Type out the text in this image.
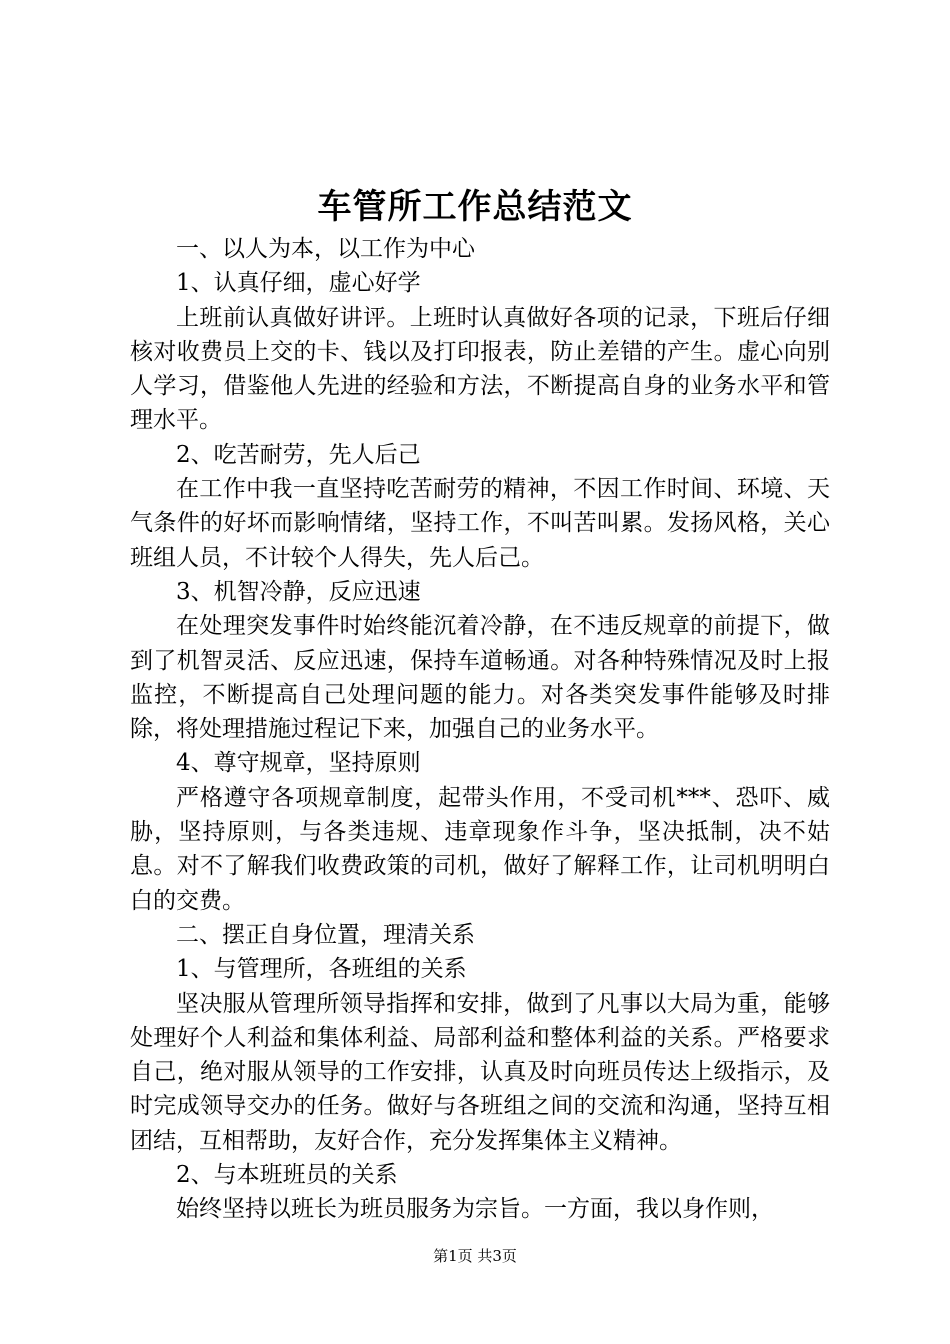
车管所工作总结范文

一、以人为本，以工作为中心

1、认真仔细，虚心好学

上班前认真做好讲评。上班时认真做好各项的记录，下班后仔细核对收费员上交的卡、钱以及打印报表，防止差错的产生。虚心向别人学习，借鉴他人先进的经验和方法，不断提高自身的业务水平和管理水平。

2、吃苦耐劳，先人后己

在工作中我一直坚持吃苦耐劳的精神，不因工作时间、环境、天气条件的好坏而影响情绪，坚持工作，不叫苦叫累。发扬风格，关心班组人员，不计较个人得失，先人后己。

3、机智冷静，反应迅速

在处理突发事件时始终能沉着冷静，在不违反规章的前提下，做到了机智灵活、反应迅速，保持车道畅通。对各种特殊情况及时上报监控，不断提高自己处理问题的能力。对各类突发事件能够及时排除，将处理措施过程记下来，加强自己的业务水平。

4、尊守规章，坚持原则

严格遵守各项规章制度，起带头作用，不受司机***、恐吓、威胁，坚持原则，与各类违规、违章现象作斗争，坚决抵制，决不姑息。对不了解我们收费政策的司机，做好了解释工作，让司机明明白白的交费。

二、摆正自身位置，理清关系

1、与管理所，各班组的关系

坚决服从管理所领导指挥和安排，做到了凡事以大局为重，能够处理好个人利益和集体利益、局部利益和整体利益的关系。严格要求自己，绝对服从领导的工作安排，认真及时向班员传达上级指示，及时完成领导交办的任务。做好与各班组之间的交流和沟通，坚持互相团结，互相帮助，友好合作，充分发挥集体主义精神。

2、与本班班员的关系

始终坚持以班长为班员服务为宗旨。一方面，我以身作则，

第1页 共3页
